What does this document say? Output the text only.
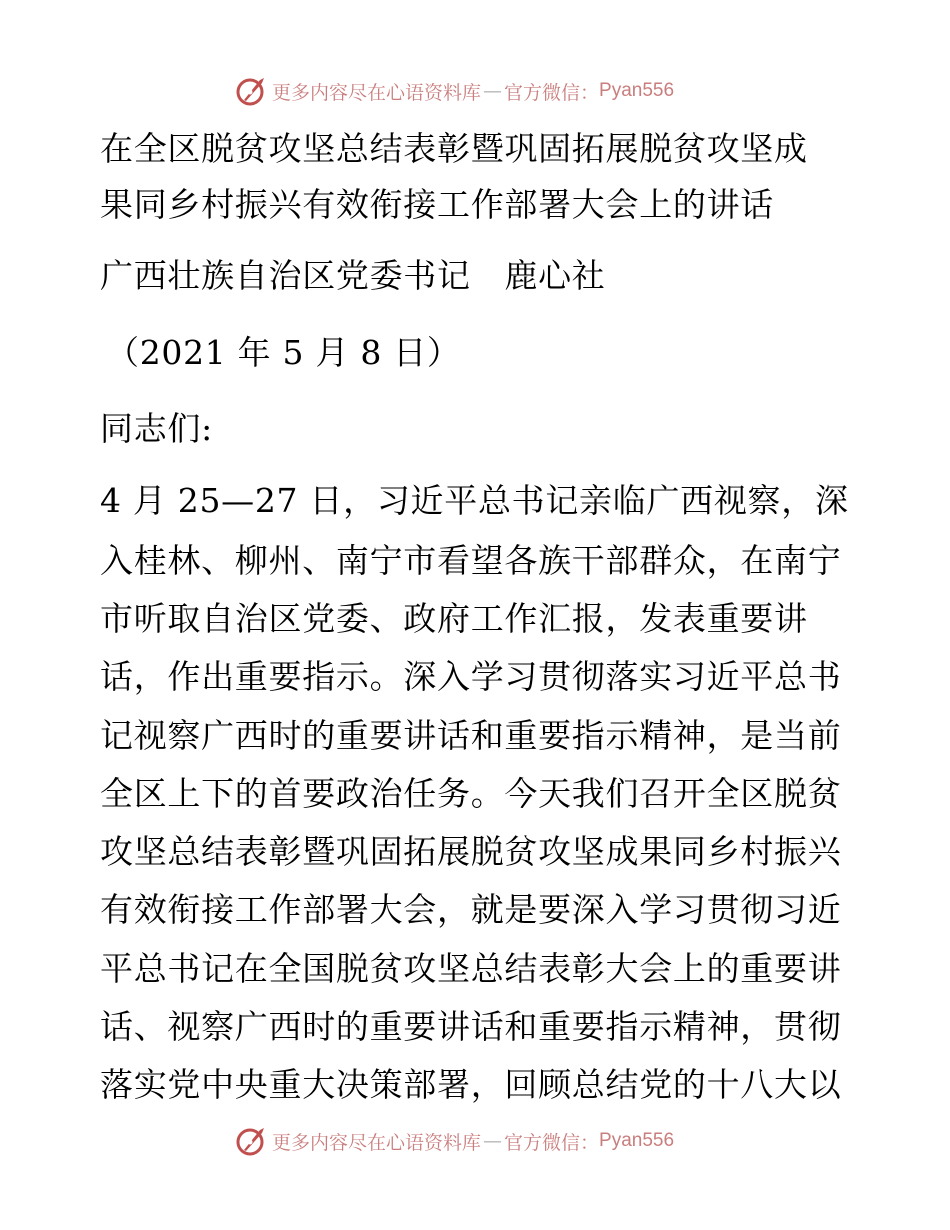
更多内容尽在心语资料库 — 官方微信： Pyan556
在全区脱贫攻坚总结表彰暨巩固拓展脱贫攻坚成
果同乡村振兴有效衔接工作部署大会上的讲话
广西壮族自治区党委书记　鹿心社
（2021 年 5 月 8 日）
同志们:
4 月 25—27 日，习近平总书记亲临广西视察，深
入桂林、柳州、南宁市看望各族干部群众，在南宁
市听取自治区党委、政府工作汇报，发表重要讲
话，作出重要指示。深入学习贯彻落实习近平总书
记视察广西时的重要讲话和重要指示精神，是当前
全区上下的首要政治任务。今天我们召开全区脱贫
攻坚总结表彰暨巩固拓展脱贫攻坚成果同乡村振兴
有效衔接工作部署大会，就是要深入学习贯彻习近
平总书记在全国脱贫攻坚总结表彰大会上的重要讲
话、视察广西时的重要讲话和重要指示精神，贯彻
落实党中央重大决策部署，回顾总结党的十八大以
更多内容尽在心语资料库 — 官方微信： Pyan556
